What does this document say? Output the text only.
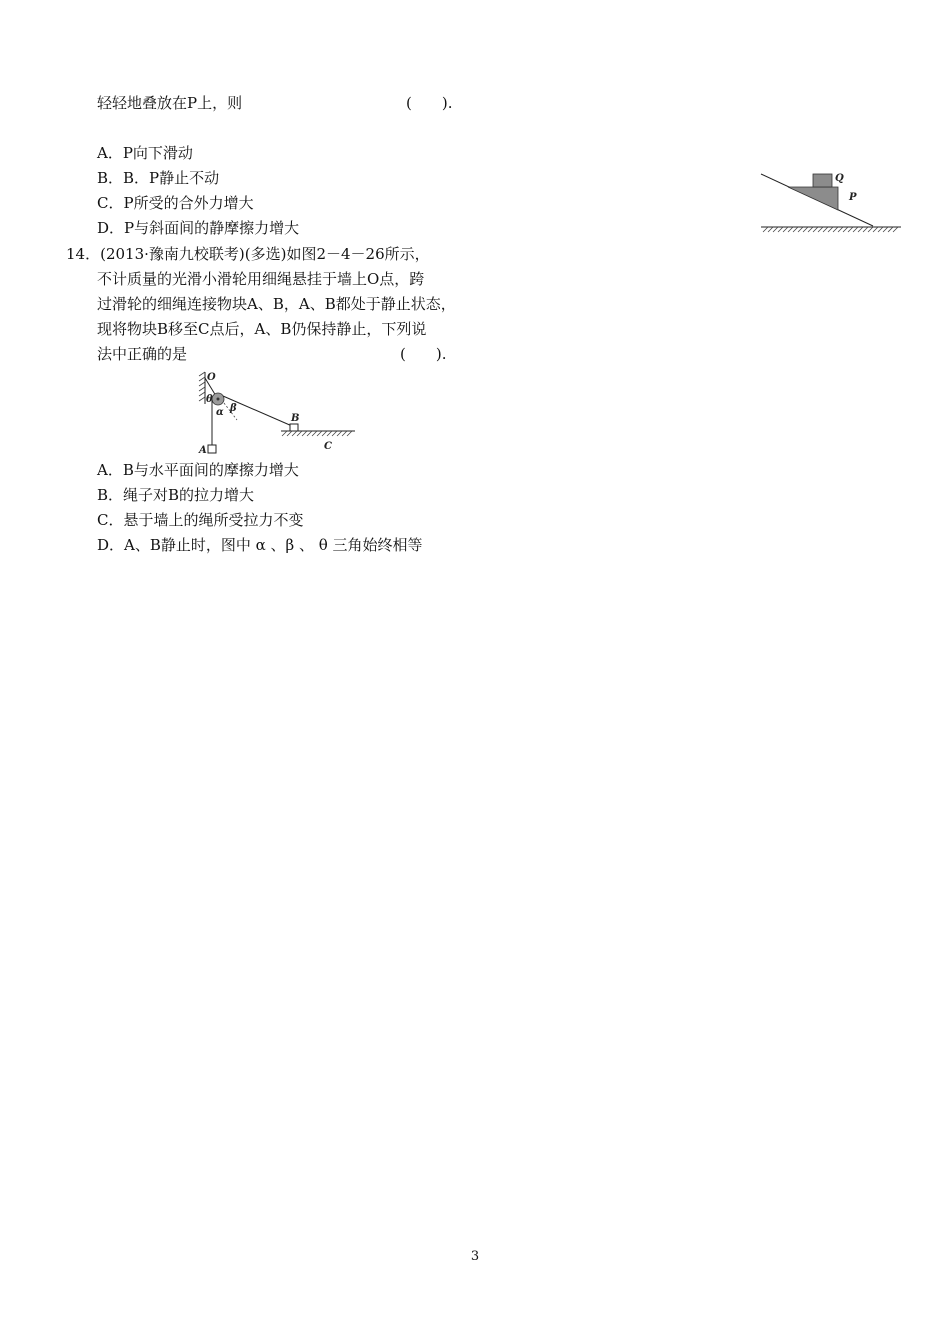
轻轻地叠放在P上，则	(　　).
A．P向下滑动
B．B．P静止不动
C．P所受的合外力增大
D．P与斜面间的静摩擦力增大
Q
P
14．(2013·豫南九校联考)(多选)如图2－4－26所示，
不计质量的光滑小滑轮用细绳悬挂于墙上O点，跨
过滑轮的细绳连接物块A、B，A、B都处于静止状态，
现将物块B移至C点后，A、B仍保持静止，下列说
法中正确的是	(　　).
O
θ
β
α
A
B
C
A．B与水平面间的摩擦力增大
B．绳子对B的拉力增大
C．悬于墙上的绳所受拉力不变
D．A、B静止时，图中 α 、β 、 θ 三角始终相等
3
